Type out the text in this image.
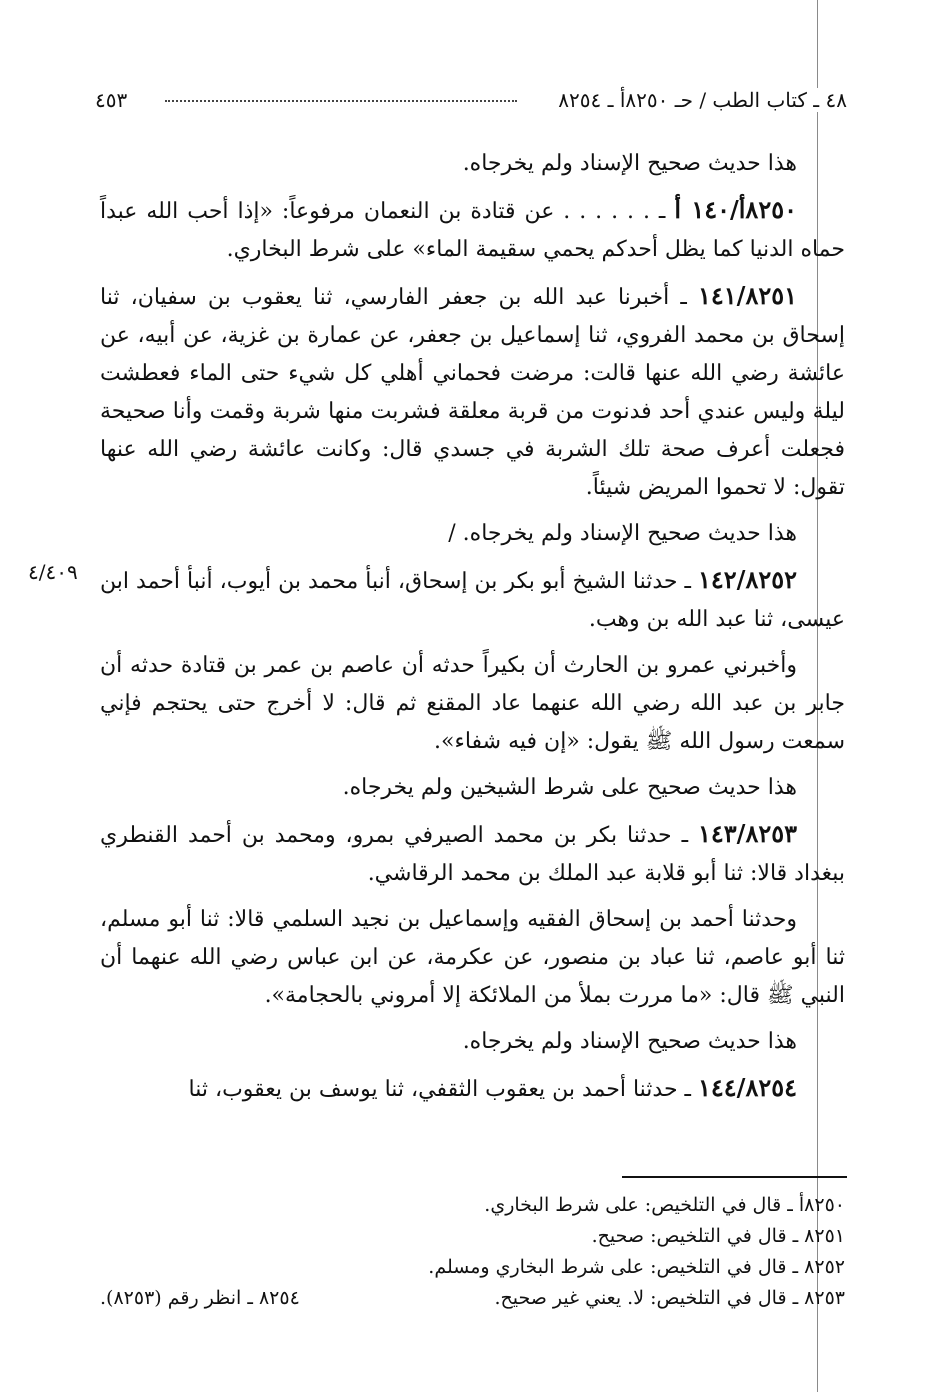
٤٨ ـ كتاب الطب / حـ ٨٢٥٠أ ـ ٨٢٥٤
٤٥٣
٤/٤٠٩

هذا حديث صحيح الإسناد ولم يخرجاه.

٨٢٥٠أ/١٤٠ أ ـ . . . . . . عن قتادة بن النعمان مرفوعاً: «إذا أحب الله عبداً حماه الدنيا كما يظل أحدكم يحمي سقيمة الماء» على شرط البخاري.

١٤١/٨٢٥١ ـ أخبرنا عبد الله بن جعفر الفارسي، ثنا يعقوب بن سفيان، ثنا إسحاق بن محمد الفروي، ثنا إسماعيل بن جعفر، عن عمارة بن غزية، عن أبيه، عن عائشة رضي الله عنها قالت: مرضت فحماني أهلي كل شيء حتى الماء فعطشت ليلة وليس عندي أحد فدنوت من قربة معلقة فشربت منها شربة وقمت وأنا صحيحة فجعلت أعرف صحة تلك الشربة في جسدي قال: وكانت عائشة رضي الله عنها تقول: لا تحموا المريض شيئاً.

هذا حديث صحيح الإسناد ولم يخرجاه. /

١٤٢/٨٢٥٢ ـ حدثنا الشيخ أبو بكر بن إسحاق، أنبأ محمد بن أيوب، أنبأ أحمد ابن عيسى، ثنا عبد الله بن وهب.

وأخبرني عمرو بن الحارث أن بكيراً حدثه أن عاصم بن عمر بن قتادة حدثه أن جابر بن عبد الله رضي الله عنهما عاد المقنع ثم قال: لا أخرج حتى يحتجم فإني سمعت رسول الله ﷺ يقول: «إن فيه شفاء».

هذا حديث صحيح على شرط الشيخين ولم يخرجاه.

١٤٣/٨٢٥٣ ـ حدثنا بكر بن محمد الصيرفي بمرو، ومحمد بن أحمد القنطري ببغداد قالا: ثنا أبو قلابة عبد الملك بن محمد الرقاشي.

وحدثنا أحمد بن إسحاق الفقيه وإسماعيل بن نجيد السلمي قالا: ثنا أبو مسلم، ثنا أبو عاصم، ثنا عباد بن منصور، عن عكرمة، عن ابن عباس رضي الله عنهما أن النبي ﷺ قال: «ما مررت بملأ من الملائكة إلا أمروني بالحجامة».

هذا حديث صحيح الإسناد ولم يخرجاه.

١٤٤/٨٢٥٤ ـ حدثنا أحمد بن يعقوب الثقفي، ثنا يوسف بن يعقوب، ثنا

٨٢٥٠أ ـ قال في التلخيص: على شرط البخاري.

٨٢٥١ ـ قال في التلخيص: صحيح.

٨٢٥٢ ـ قال في التلخيص: على شرط البخاري ومسلم.

٨٢٥٣ ـ قال في التلخيص: لا. يعني غير صحيح.

٨٢٥٤ ـ انظر رقم (٨٢٥٣).
